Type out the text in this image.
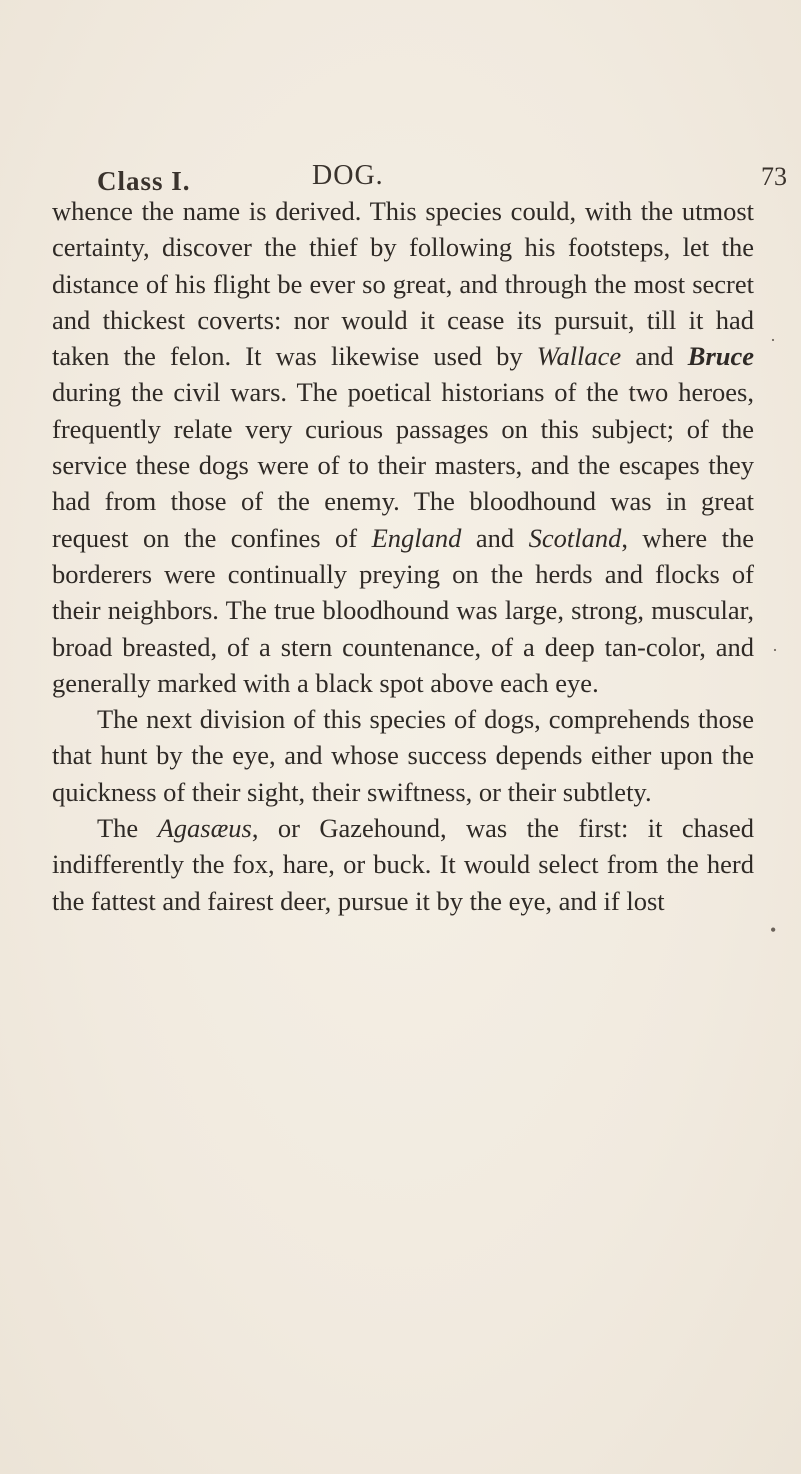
Class I.	DOG.	73

whence the name is derived. This species could, with the utmost certainty, discover the thief by following his footsteps, let the distance of his flight be ever so great, and through the most secret and thickest coverts: nor would it cease its pursuit, till it had taken the felon. It was likewise used by Wallace and Bruce during the civil wars. The poetical historians of the two heroes, frequently relate very curious passages on this subject; of the service these dogs were of to their masters, and the escapes they had from those of the enemy. The bloodhound was in great request on the confines of England and Scotland, where the borderers were continually preying on the herds and flocks of their neighbors. The true bloodhound was large, strong, muscular, broad breasted, of a stern countenance, of a deep tan-color, and generally marked with a black spot above each eye.

The next division of this species of dogs, comprehends those that hunt by the eye, and whose success depends either upon the quickness of their sight, their swiftness, or their subtlety.

The Agasæus, or Gazehound, was the first: it chased indifferently the fox, hare, or buck. It would select from the herd the fattest and fairest deer, pursue it by the eye, and if lost

·
·
•
